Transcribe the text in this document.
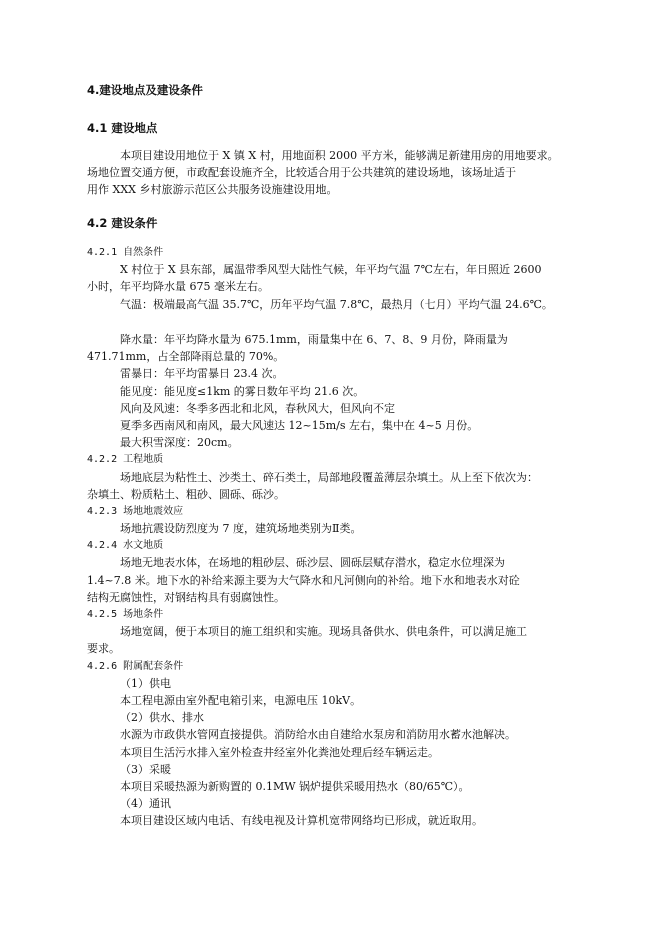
4.建设地点及建设条件
4.1 建设地点
本项目建设用地位于 X 镇 X 村，用地面积 2000 平方米，能够满足新建用房的用地要求。
场地位置交通方便，市政配套设施齐全，比较适合用于公共建筑的建设场地，该场址适于
用作 XXX 乡村旅游示范区公共服务设施建设用地。
4.2 建设条件
4.2.1 自然条件
X 村位于 X 县东部，属温带季风型大陆性气候，年平均气温 7℃左右，年日照近 2600
小时，年平均降水量 675 毫米左右。
气温：极端最高气温 35.7℃，历年平均气温 7.8℃，最热月（七月）平均气温 24.6℃。
降水量：年平均降水量为 675.1mm，雨量集中在 6、7、8、9 月份，降雨量为
471.71mm，占全部降雨总量的 70%。
雷暴日：年平均雷暴日 23.4 次。
能见度：能见度≤1km 的雾日数年平均 21.6 次。
风向及风速：冬季多西北和北风，春秋风大，但风向不定
夏季多西南风和南风，最大风速达 12~15m/s 左右，集中在 4~5 月份。
最大积雪深度：20cm。
4.2.2 工程地质
场地底层为粘性土、沙类土、碎石类土，局部地段覆盖薄层杂填土。从上至下依次为：
杂填土、粉质粘土、粗砂、圆砾、砾沙。
4.2.3 场地地震效应
场地抗震设防烈度为 7 度，建筑场地类别为Ⅱ类。
4.2.4 水文地质
场地无地表水体，在场地的粗砂层、砾沙层、圆砾层赋存潜水，稳定水位埋深为
1.4~7.8 米。地下水的补给来源主要为大气降水和凡河侧向的补给。地下水和地表水对砼
结构无腐蚀性，对钢结构具有弱腐蚀性。
4.2.5 场地条件
场地宽阔，便于本项目的施工组织和实施。现场具备供水、供电条件，可以满足施工
要求。
4.2.6 附属配套条件
（1）供电
本工程电源由室外配电箱引来，电源电压 10kV。
（2）供水、排水
水源为市政供水管网直接提供。消防给水由自建给水泵房和消防用水蓄水池解决。
本项目生活污水排入室外检查井经室外化粪池处理后经车辆运走。
（3）采暖
本项目采暖热源为新购置的 0.1MW 锅炉提供采暖用热水（80/65℃）。
（4）通讯
本项目建设区域内电话、有线电视及计算机宽带网络均已形成，就近取用。
